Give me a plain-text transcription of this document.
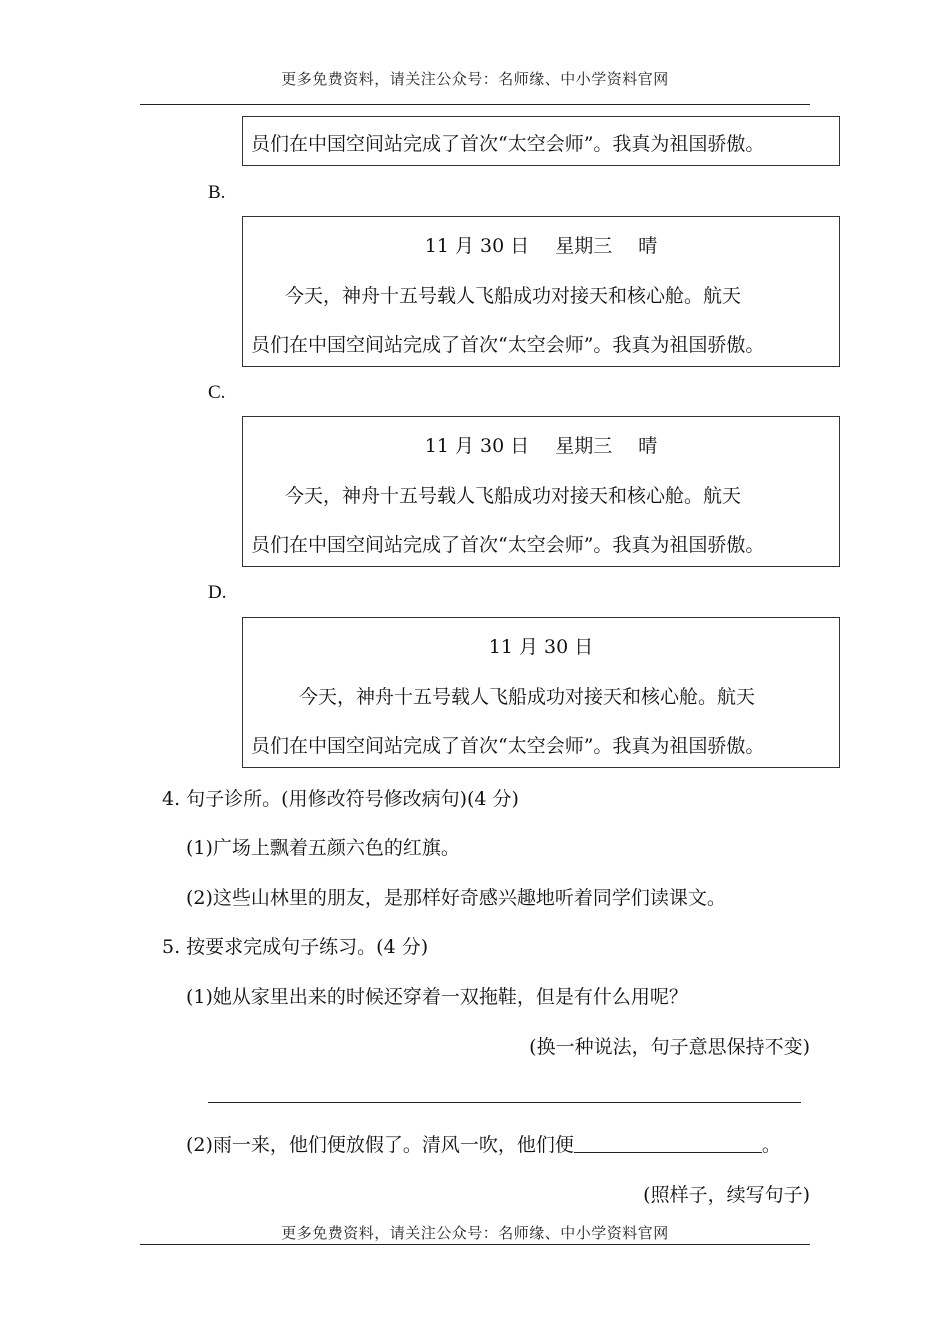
更多免费资料，请关注公众号：名师缘、中小学资料官网
员们在中国空间站完成了首次“太空会师”。我真为祖国骄傲。
B.
11 月 30 日 星期三 晴
今天，神舟十五号载人飞船成功对接天和核心舱。航天
员们在中国空间站完成了首次“太空会师”。我真为祖国骄傲。
C.
11 月 30 日 星期三 晴
今天，神舟十五号载人飞船成功对接天和核心舱。航天
员们在中国空间站完成了首次“太空会师”。我真为祖国骄傲。
D.
11 月 30 日
今天，神舟十五号载人飞船成功对接天和核心舱。航天
员们在中国空间站完成了首次“太空会师”。我真为祖国骄傲。
4. 句子诊所。(用修改符号修改病句)(4 分)
(1)广场上飘着五颜六色的红旗。
(2)这些山林里的朋友，是那样好奇感兴趣地听着同学们读课文。
5. 按要求完成句子练习。(4 分)
(1)她从家里出来的时候还穿着一双拖鞋，但是有什么用呢？
(换一种说法，句子意思保持不变)
(2)雨一来，他们便放假了。清风一吹，他们便	。
(照样子，续写句子)
更多免费资料，请关注公众号：名师缘、中小学资料官网
